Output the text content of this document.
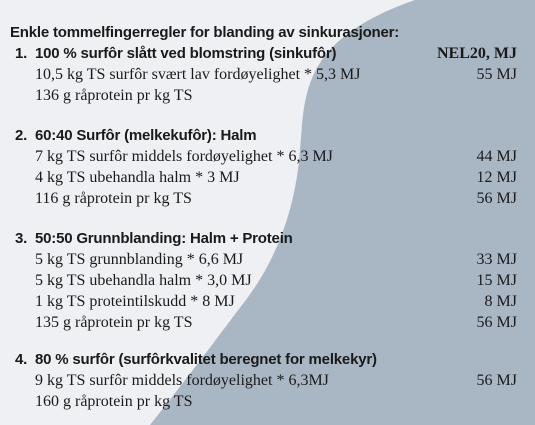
Enkle tommelfingerregler for blanding av sinkurasjoner:
1. 100 % surfôr slått ved blomstring (sinkufôr)	NEL20, MJ
10,5 kg TS surfôr svært lav fordøyelighet * 5,3 MJ	55 MJ
136 g råprotein pr kg TS
2. 60:40 Surfôr (melkekufôr): Halm
7 kg TS surfôr middels fordøyelighet * 6,3 MJ	44 MJ
4 kg TS ubehandla halm * 3 MJ	12 MJ
116 g råprotein pr kg TS	56 MJ
3. 50:50 Grunnblanding: Halm + Protein
5 kg TS grunnblanding * 6,6 MJ	33 MJ
5 kg TS ubehandla halm * 3,0 MJ	15 MJ
1 kg TS proteintilskudd * 8 MJ	8 MJ
135 g råprotein pr kg TS	56 MJ
4. 80 % surfôr (surfôrkvalitet beregnet for melkekyr)
9 kg TS surfôr middels fordøyelighet * 6,3MJ	56 MJ
160 g råprotein pr kg TS
